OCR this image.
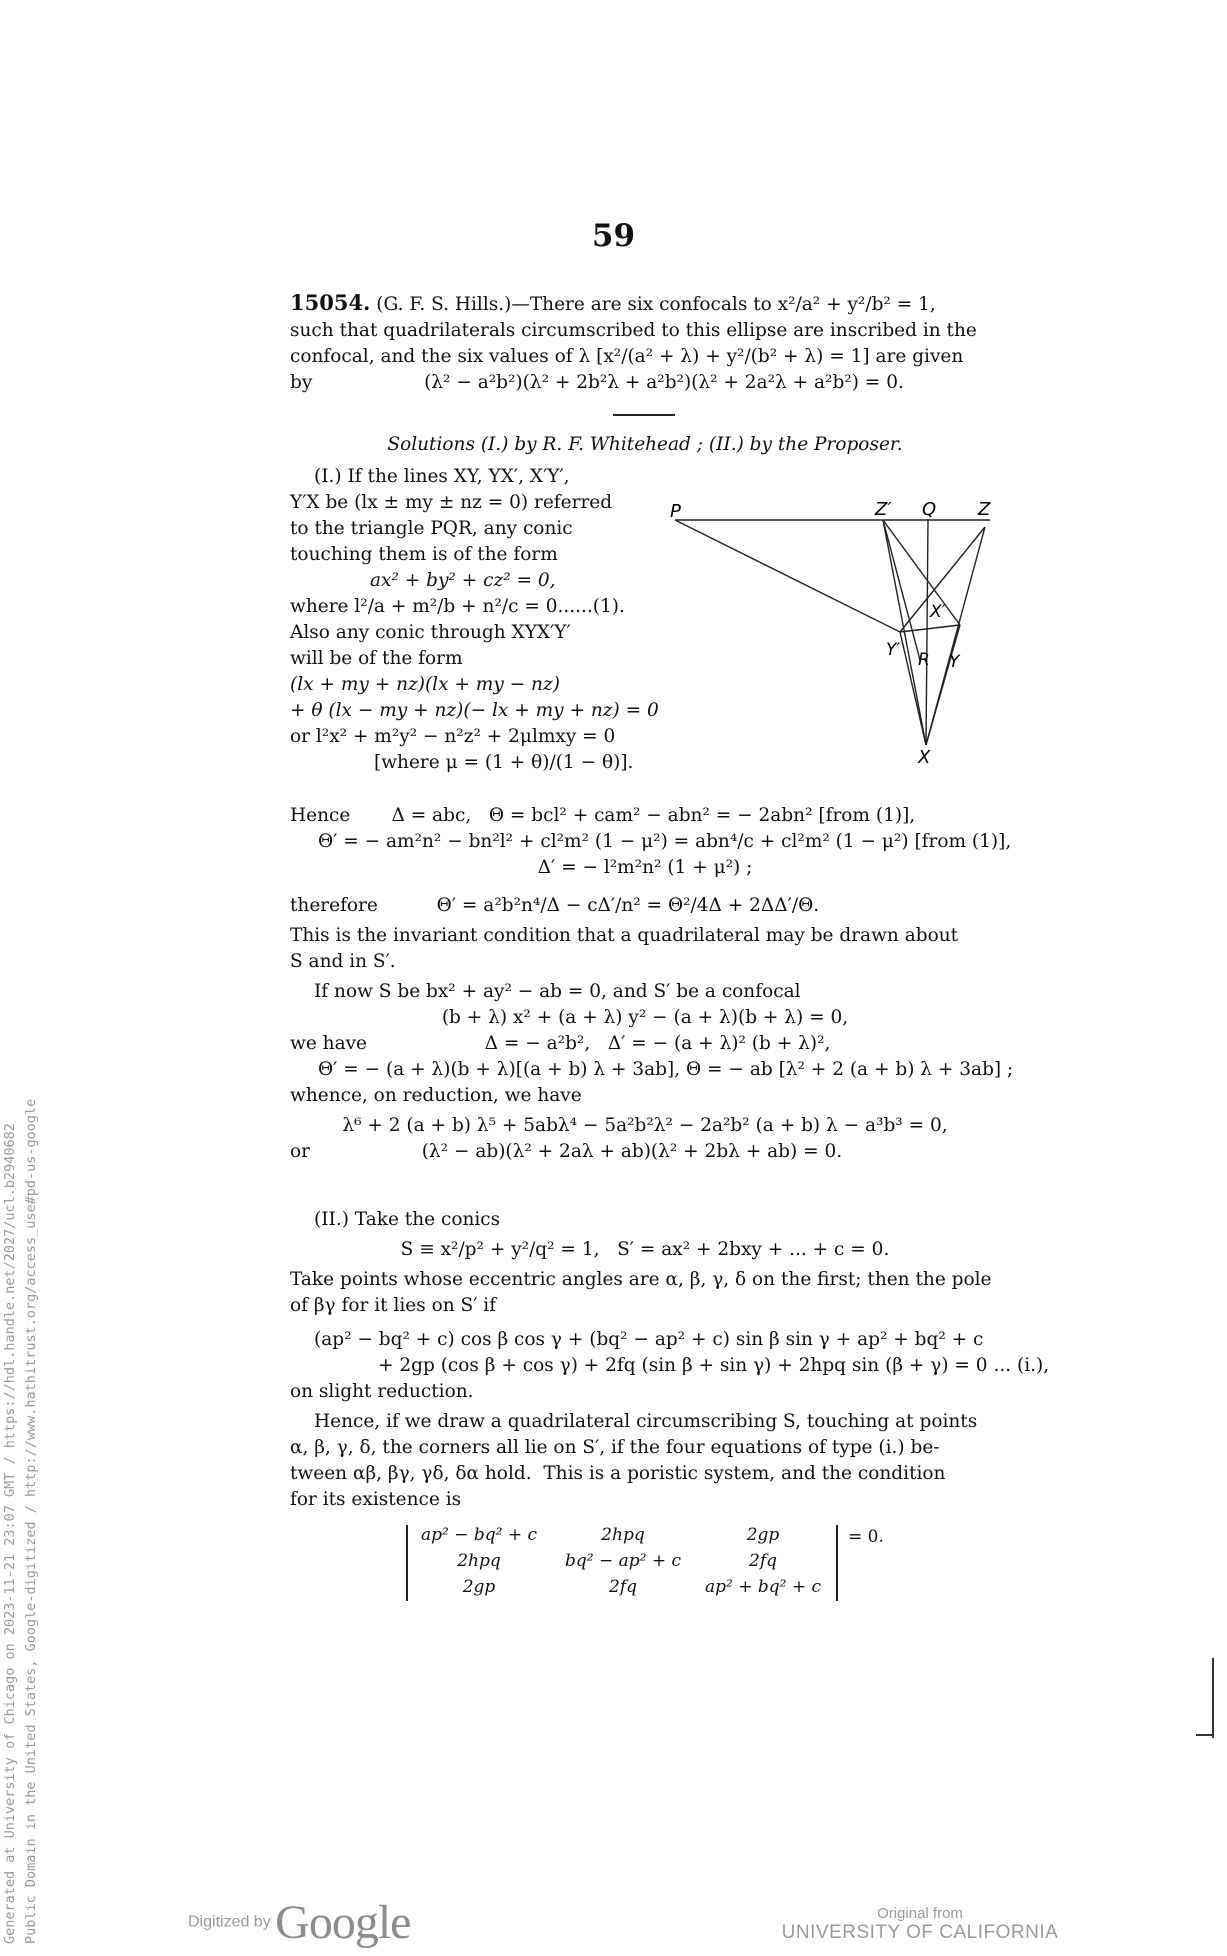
59

15054. (G. F. S. Hills.)—There are six confocals to x²/a² + y²/b² = 1,

such that quadrilaterals circumscribed to this ellipse are inscribed in the

confocal, and the six values of λ [x²/(a² + λ) + y²/(b² + λ) = 1] are given

by	(λ² − a²b²)(λ² + 2b²λ + a²b²)(λ² + 2a²λ + a²b²) = 0.

Solutions (I.) by R. F. Whitehead ; (II.) by the Proposer.

(I.) If the lines XY, YX′, X′Y′,

Y′X be (lx ± my ± nz = 0) referred

to the triangle PQR, any conic

touching them is of the form

ax² + by² + cz² = 0,

where l²/a + m²/b + n²/c = 0......(1).

Also any conic through XYX′Y′

will be of the form

(lx + my + nz)(lx + my − nz)

+ θ (lx − my + nz)(− lx + my + nz) = 0

or l²x² + m²y² − n²z² + 2μlmxy = 0

[where μ = (1 + θ)/(1 − θ)].

P	Z′ Q Z
X′
Y′ R Y
X

Hence       Δ = abc,   Θ = bcl² + cam² − abn² = − 2abn² [from (1)],

Θ′ = − am²n² − bn²l² + cl²m² (1 − μ²) = abn⁴/c + cl²m² (1 − μ²) [from (1)],

Δ′ = − l²m²n² (1 + μ²) ;

therefore          Θ′ = a²b²n⁴/Δ − cΔ′/n² = Θ²/4Δ + 2ΔΔ′/Θ.

This is the invariant condition that a quadrilateral may be drawn about

S and in S′.

If now S be bx² + ay² − ab = 0, and S′ be a confocal

(b + λ) x² + (a + λ) y² − (a + λ)(b + λ) = 0,

we have                    Δ = − a²b²,   Δ′ = − (a + λ)² (b + λ)²,

Θ′ = − (a + λ)(b + λ)[(a + b) λ + 3ab], Θ = − ab [λ² + 2 (a + b) λ + 3ab] ;

whence, on reduction, we have

λ⁶ + 2 (a + b) λ⁵ + 5abλ⁴ − 5a²b²λ² − 2a²b² (a + b) λ − a³b³ = 0,

or                   (λ² − ab)(λ² + 2aλ + ab)(λ² + 2bλ + ab) = 0.

(II.) Take the conics

S ≡ x²/p² + y²/q² = 1,   S′ = ax² + 2bxy + ... + c = 0.

Take points whose eccentric angles are α, β, γ, δ on the first; then the pole

of βγ for it lies on S′ if

(ap² − bq² + c) cos β cos γ + (bq² − ap² + c) sin β sin γ + ap² + bq² + c

+ 2gp (cos β + cos γ) + 2fq (sin β + sin γ) + 2hpq sin (β + γ) = 0 ... (i.),

on slight reduction.

Hence, if we draw a quadrilateral circumscribing S, touching at points

α, β, γ, δ, the corners all lie on S′, if the four equations of type (i.) be-

tween αβ, βγ, γδ, δα hold.  This is a poristic system, and the condition

for its existence is

ap² − bq² + c	2hpq	2gp
2hpq	bq² − ap² + c	2fq
2gp	2fq	ap² + bq² + c
= 0.
Generated at University of Chicago on 2023-11-21 23:07 GMT / https://hdl.handle.net/2027/ucl.b2940682 Public Domain in the United States, Google-digitized / http://www.hathitrust.org/access_use#pd-us-google	Digitized by Google	Original from
UNIVERSITY OF CALIFORNIA
